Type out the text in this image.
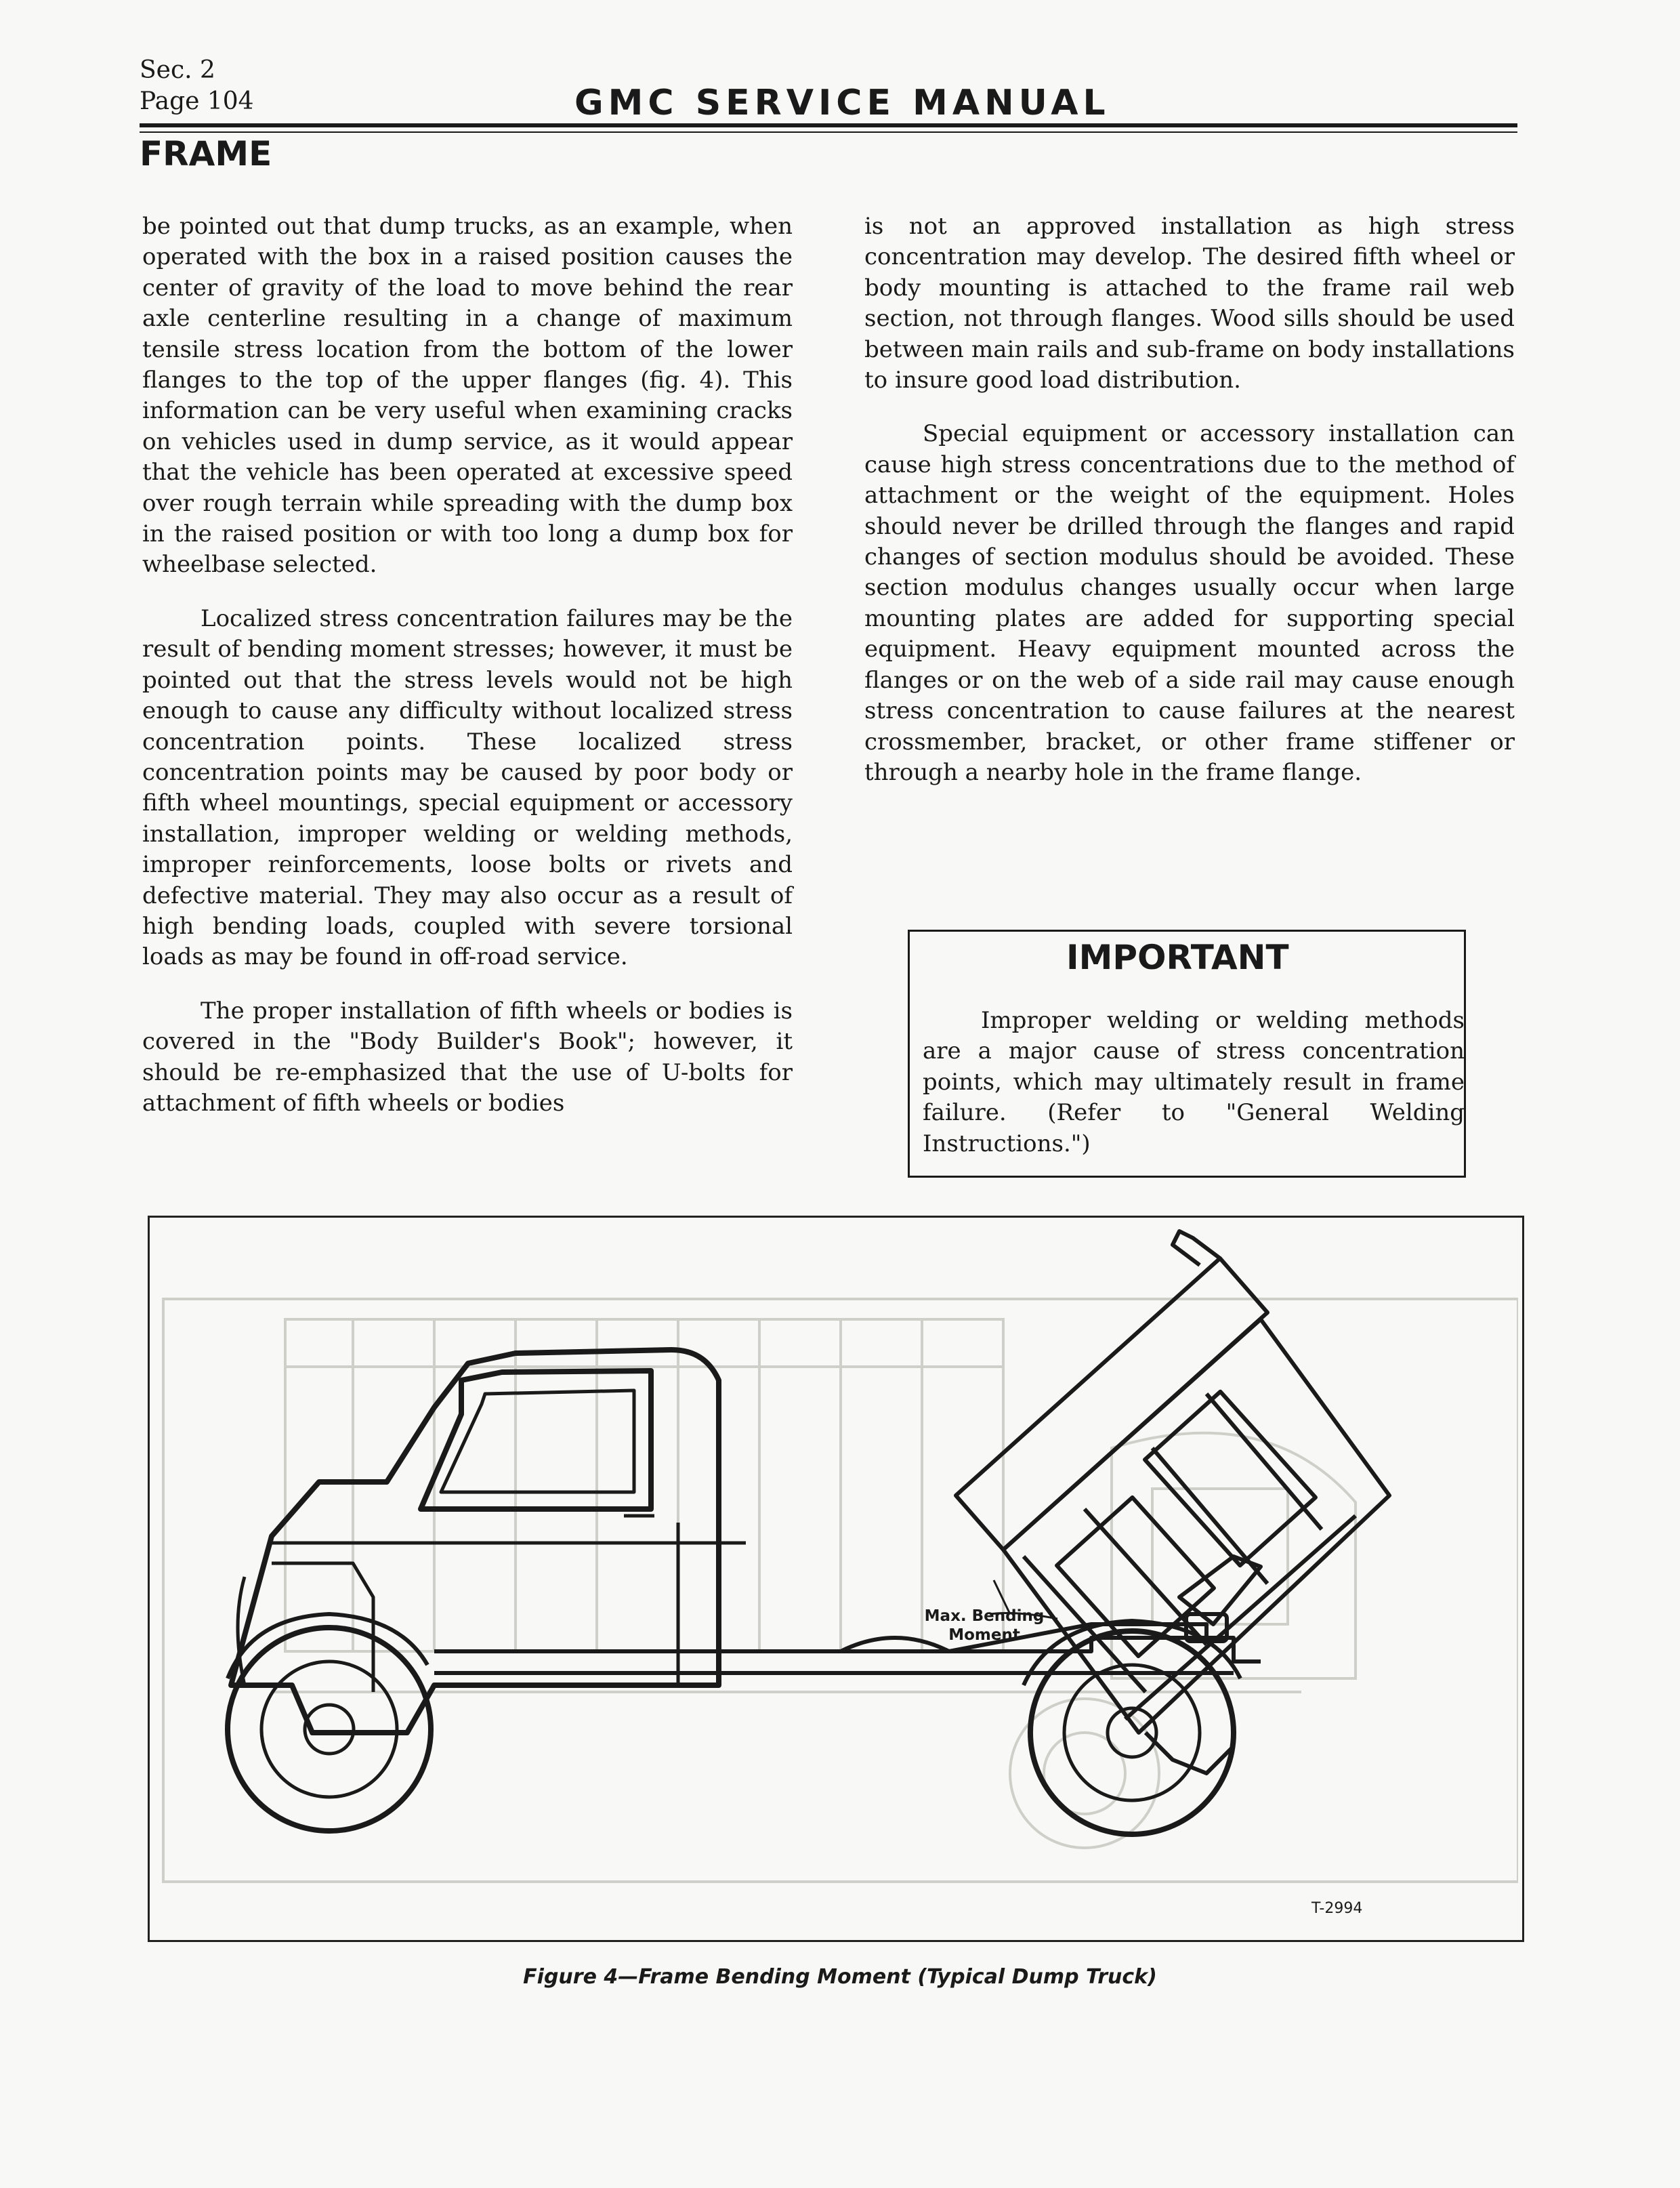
Sec. 2
Page 104	GMC SERVICE MANUAL
FRAME

be pointed out that dump trucks, as an example, when operated with the box in a raised position causes the center of gravity of the load to move behind the rear axle centerline resulting in a change of maximum tensile stress location from the bottom of the lower flanges to the top of the upper flanges (fig. 4). This information can be very useful when examining cracks on vehicles used in dump service, as it would appear that the vehicle has been operated at excessive speed over rough terrain while spreading with the dump box in the raised position or with too long a dump box for wheelbase selected.

Localized stress concentration failures may be the result of bending moment stresses; however, it must be pointed out that the stress levels would not be high enough to cause any difficulty without localized stress concentration points. These localized stress concentration points may be caused by poor body or fifth wheel mountings, special equipment or accessory installation, improper welding or welding methods, improper reinforcements, loose bolts or rivets and defective material. They may also occur as a result of high bending loads, coupled with severe torsional loads as may be found in off-road service.

The proper installation of fifth wheels or bodies is covered in the "Body Builder's Book"; however, it should be re-emphasized that the use of U-bolts for attachment of fifth wheels or bodies

is not an approved installation as high stress concentration may develop. The desired fifth wheel or body mounting is attached to the frame rail web section, not through flanges. Wood sills should be used between main rails and sub-frame on body installations to insure good load distribution.

Special equipment or accessory installation can cause high stress concentrations due to the method of attachment or the weight of the equipment. Holes should never be drilled through the flanges and rapid changes of section modulus should be avoided. These section modulus changes usually occur when large mounting plates are added for supporting special equipment. Heavy equipment mounted across the flanges or on the web of a side rail may cause enough stress concentration to cause failures at the nearest crossmember, bracket, or other frame stiffener or through a nearby hole in the frame flange.

IMPORTANT

Improper welding or welding methods are a major cause of stress concentration points, which may ultimately result in frame failure. (Refer to "General Welding Instructions.")

Max. Bending
Moment
T-2994
Figure 4—Frame Bending Moment (Typical Dump Truck)
